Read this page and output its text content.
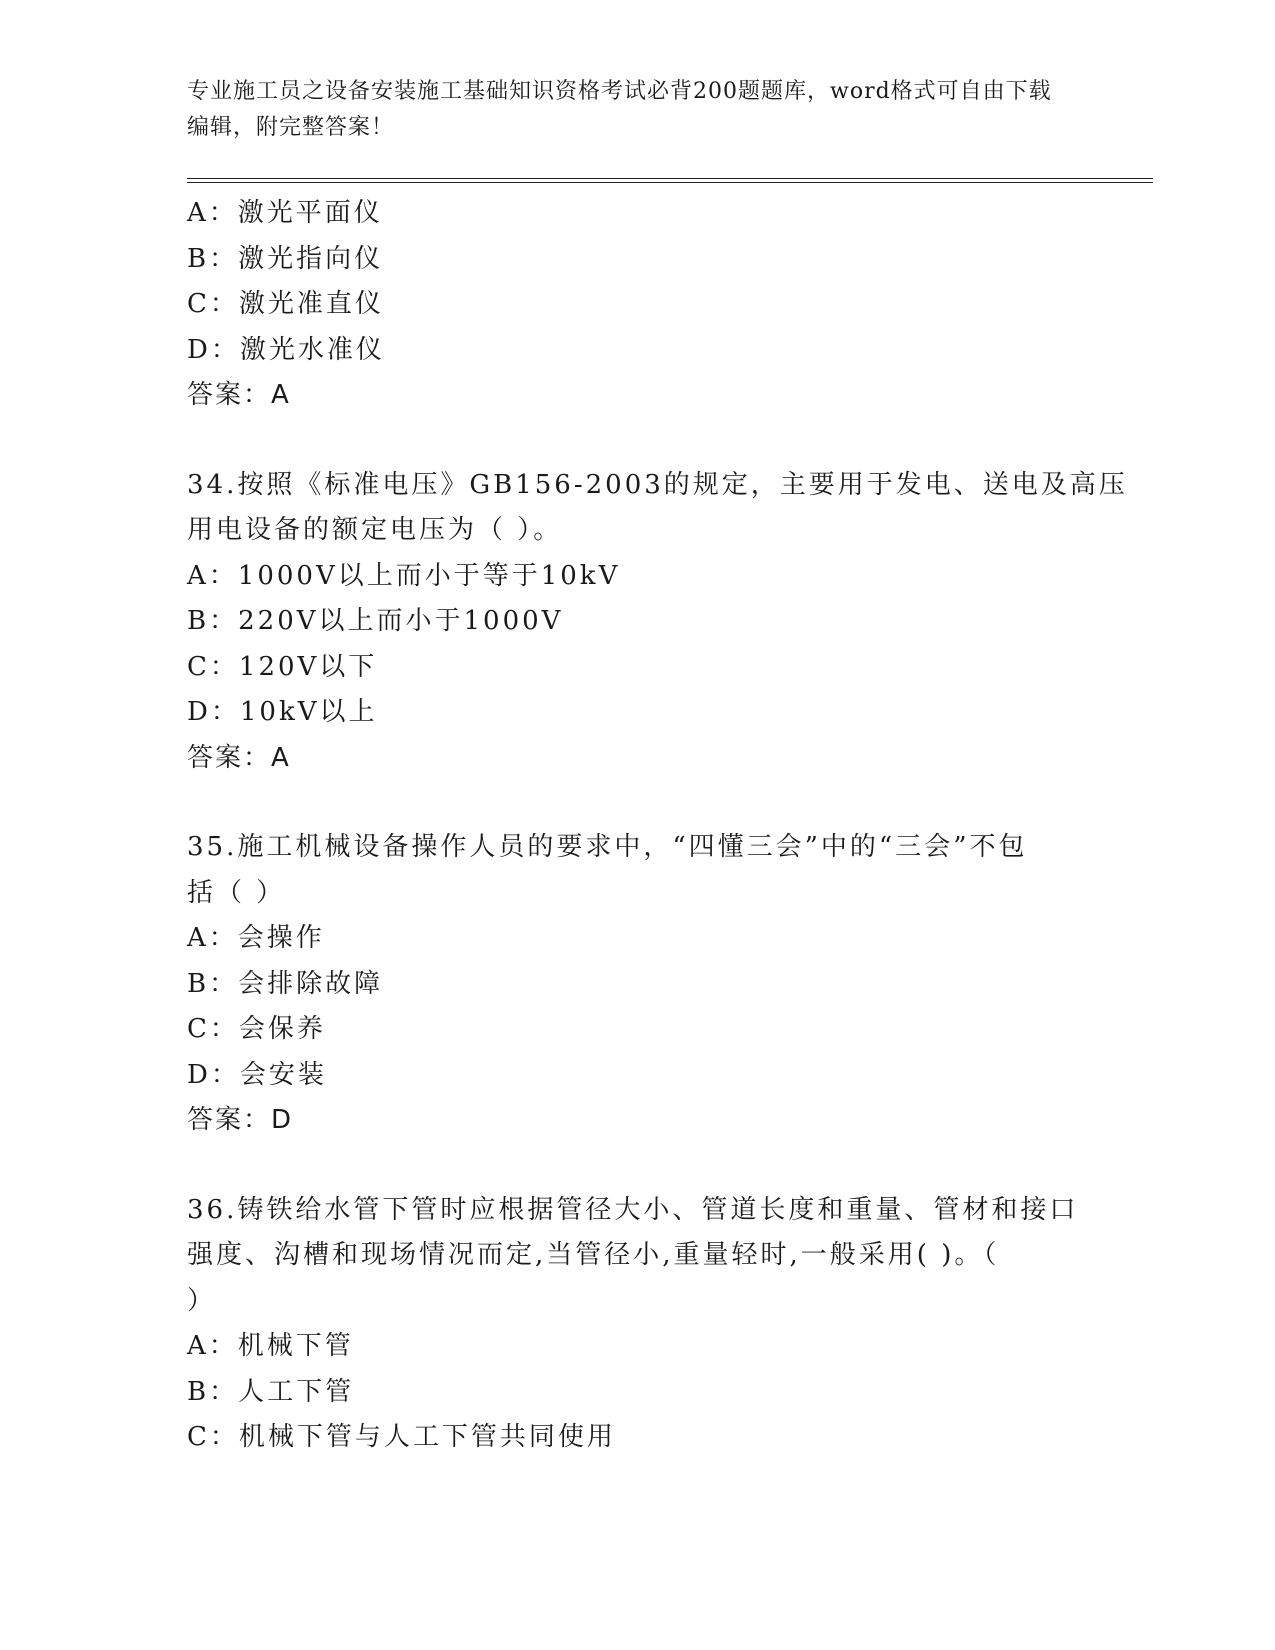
专业施工员之设备安装施工基础知识资格考试必背200题题库，word格式可自由下载编辑，附完整答案！
A：激光平面仪
B：激光指向仪
C：激光准直仪
D：激光水准仪
答案：A
34.按照《标准电压》GB156-2003的规定，主要用于发电、送电及高压
用电设备的额定电压为（ ）。
A：1000V以上而小于等于10kV
B：220V以上而小于1000V
C：120V以下
D：10kV以上
答案：A
35.施工机械设备操作人员的要求中，“四懂三会”中的“三会”不包
括（ ）
A：会操作
B：会排除故障
C：会保养
D：会安装
答案：D
36.铸铁给水管下管时应根据管径大小、管道长度和重量、管材和接口
强度、沟槽和现场情况而定,当管径小,重量轻时,一般采用( )。（
）
A：机械下管
B：人工下管
C：机械下管与人工下管共同使用
